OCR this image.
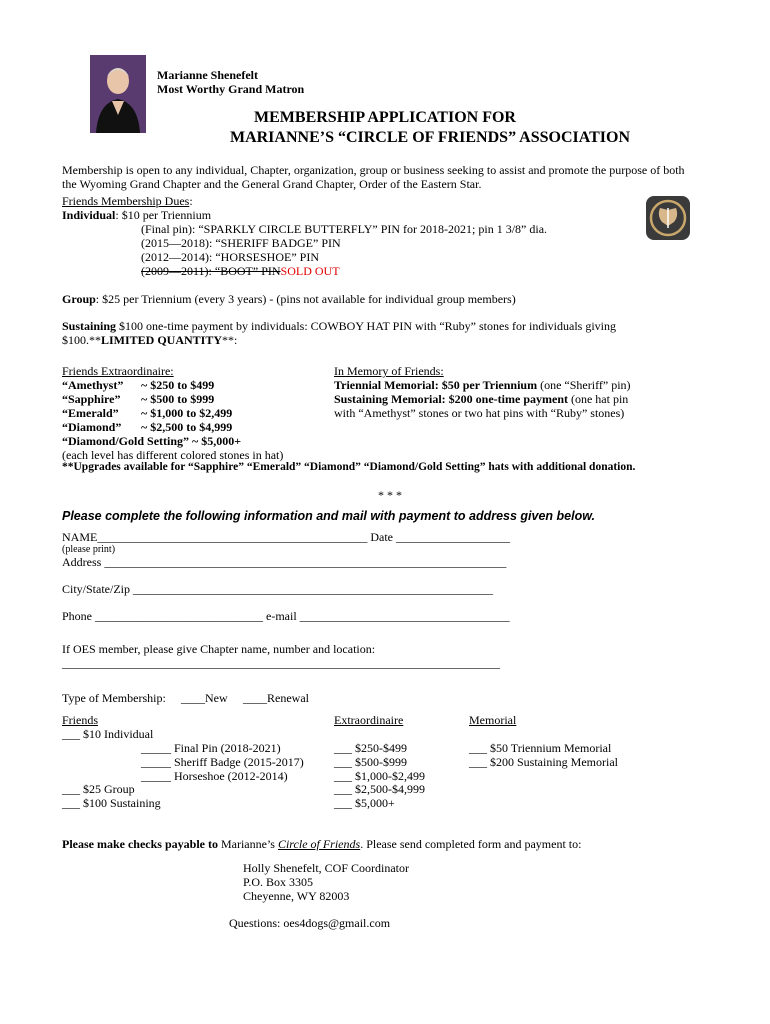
Marianne Shenefelt
Most Worthy Grand Matron
MEMBERSHIP APPLICATION FOR
MARIANNE’S “CIRCLE OF FRIENDS” ASSOCIATION
Membership is open to any individual, Chapter, organization, group or business seeking to assist and promote the purpose of both the Wyoming Grand Chapter and the General Grand Chapter, Order of the Eastern Star.
Friends Membership Dues:
Individual: $10 per Triennium
(Final pin): “SPARKLY CIRCLE BUTTERFLY” PIN for 2018-2021; pin 1 3/8” dia.
(2015—2018): “SHERIFF BADGE” PIN
(2012—2014): “HORSESHOE” PIN
(2009—2011): “BOOT” PINSOLD OUT
Group: $25 per Triennium (every 3 years) - (pins not available for individual group members)
Sustaining $100 one-time payment by individuals: COWBOY HAT PIN with “Ruby” stones for individuals giving
$100.**LIMITED QUANTITY**:
Friends Extraordinaire:
“Amethyst” ~ $250 to $499
“Sapphire” ~ $500 to $999
“Emerald” ~ $1,000 to $2,499
“Diamond” ~ $2,500 to $4,999
“Diamond/Gold Setting” ~ $5,000+
(each level has different colored stones in hat)
**Upgrades available for “Sapphire” “Emerald” “Diamond” “Diamond/Gold Setting” hats with additional donation.
In Memory of Friends:
Triennial Memorial: $50 per Triennium (one “Sheriff” pin)
Sustaining Memorial: $200 one-time payment (one hat pin
with “Amethyst” stones or two hat pins with “Ruby” stones)
* * *
Please complete the following information and mail with payment to address given below.
NAME_____________________________________________ Date ___________________
(please print)
Address ___________________________________________________________________
City/State/Zip ____________________________________________________________
Phone ____________________________ e-mail ___________________________________
If OES member, please give Chapter name, number and location:
_________________________________________________________________________
Type of Membership: ____New ____Renewal
Friends
___ $10 Individual
_____ Final Pin (2018-2021)
_____ Sheriff Badge (2015-2017)
_____ Horseshoe (2012-2014)
___ $25 Group
___ $100 Sustaining
Extraordinaire
___ $250-$499
___ $500-$999
___ $1,000-$2,499
___ $2,500-$4,999
___ $5,000+
Memorial
___ $50 Triennium Memorial
___ $200 Sustaining Memorial
Please make checks payable to Marianne’s Circle of Friends. Please send completed form and payment to:
Holly Shenefelt, COF Coordinator
P.O. Box 3305
Cheyenne, WY 82003
Questions: oes4dogs@gmail.com
